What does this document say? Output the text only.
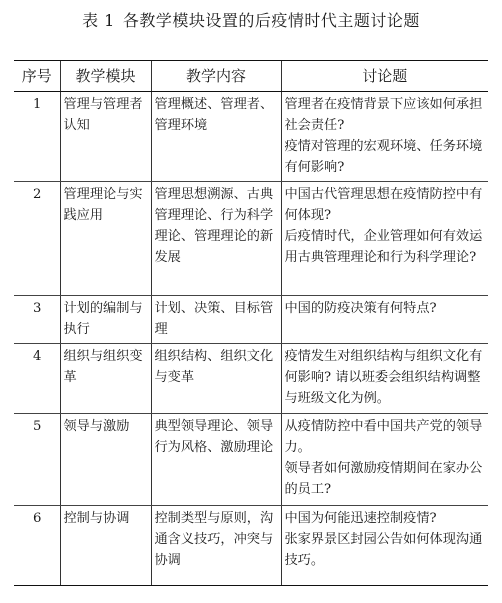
表 1 各教学模块设置的后疫情时代主题讨论题
序号	教学模块	教学内容	讨论题
1	管理与管理者认知	管理概述、管理者、管理环境	管理者在疫情背景下应该如何承担社会责任?
疫情对管理的宏观环境、任务环境有何影响?

2	管理理论与实践应用	管理思想溯源、古典管理理论、行为科学理论、管理理论的新发展	中国古代管理思想在疫情防控中有何体现?
后疫情时代，企业管理如何有效运用古典管理理论和行为科学理论?

3	计划的编制与执行	计划、决策、目标管理	中国的防疫决策有何特点?

4	组织与组织变革	组织结构、组织文化与变革	疫情发生对组织结构与组织文化有何影响? 请以班委会组织结构调整与班级文化为例。

5	领导与激励	典型领导理论、领导行为风格、激励理论	从疫情防控中看中国共产党的领导力。
领导者如何激励疫情期间在家办公的员工?

6	控制与协调	控制类型与原则，沟通含义技巧，冲突与协调	中国为何能迅速控制疫情?
张家界景区封园公告如何体现沟通技巧。
